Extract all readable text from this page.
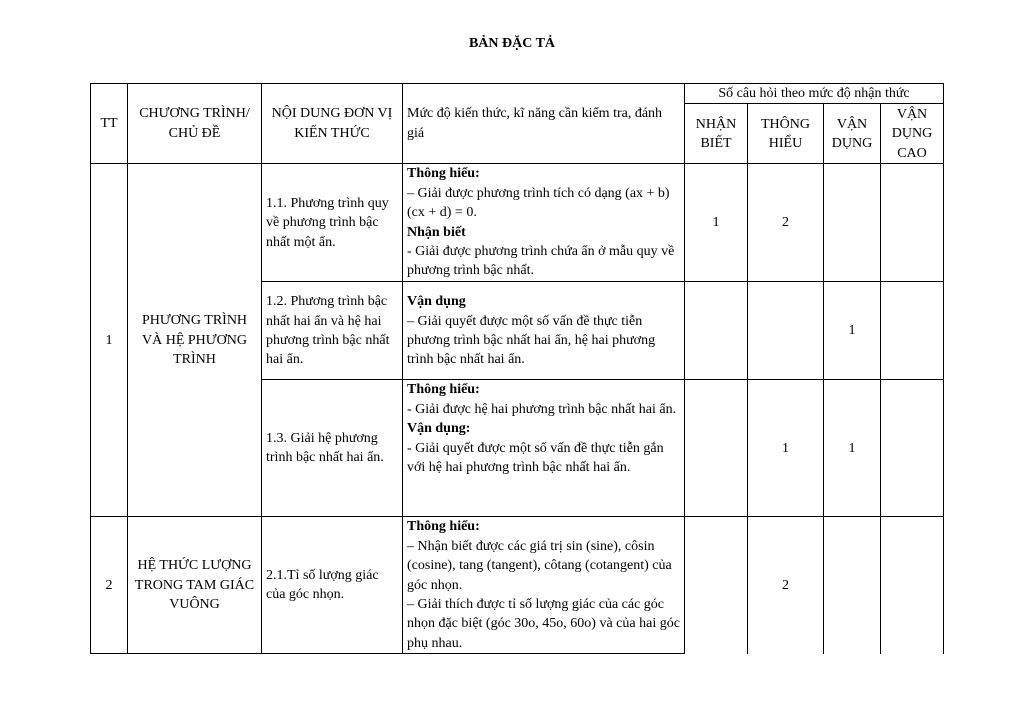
BẢN ĐẶC TẢ
TT	CHƯƠNG TRÌNH/ CHỦ ĐỀ	NỘI DUNG ĐƠN VỊ KIẾN THỨC	Mức độ kiến thức, kĩ năng cần kiểm tra, đánh giá	Số câu hỏi theo mức độ nhận thức			
				NHẬN BIẾT	THÔNG HIỂU	VẬN DỤNG	VẬN DỤNG CAO
1	PHƯƠNG TRÌNH VÀ HỆ PHƯƠNG TRÌNH	1.1. Phương trình quy về phương trình bậc nhất một ẩn.	Thông hiểu:
– Giải được phương trình tích có dạng (ax + b)(cx + d) = 0.
Nhận biết
- Giải được phương trình chứa ẩn ở mẫu quy về phương trình bậc nhất.	1	2		
		1.2. Phương trình bậc nhất hai ẩn và hệ hai phương trình bậc nhất hai ẩn.	Vận dụng
– Giải quyết được một số vấn đề thực tiễn phương trình bậc nhất hai ẩn, hệ hai phương trình bậc nhất hai ẩn.			1	
		1.3. Giải hệ phương trình bậc nhất hai ẩn.	Thông hiểu:
- Giải được hệ hai phương trình bậc nhất hai ẩn.
Vận dụng:
- Giải quyết được một số vấn đề thực tiễn gắn với hệ hai phương trình bậc nhất hai ẩn.		1	1	
2	HỆ THỨC LƯỢNG TRONG TAM GIÁC VUÔNG	2.1.Tỉ số lượng giác của góc nhọn.	Thông hiểu:
– Nhận biết được các giá trị sin (sine), côsin (cosine), tang (tangent), côtang (cotangent) của góc nhọn.
– Giải thích được tỉ số lượng giác của các góc nhọn đặc biệt (góc 30o, 45o, 60o) và của hai góc phụ nhau.		2		
